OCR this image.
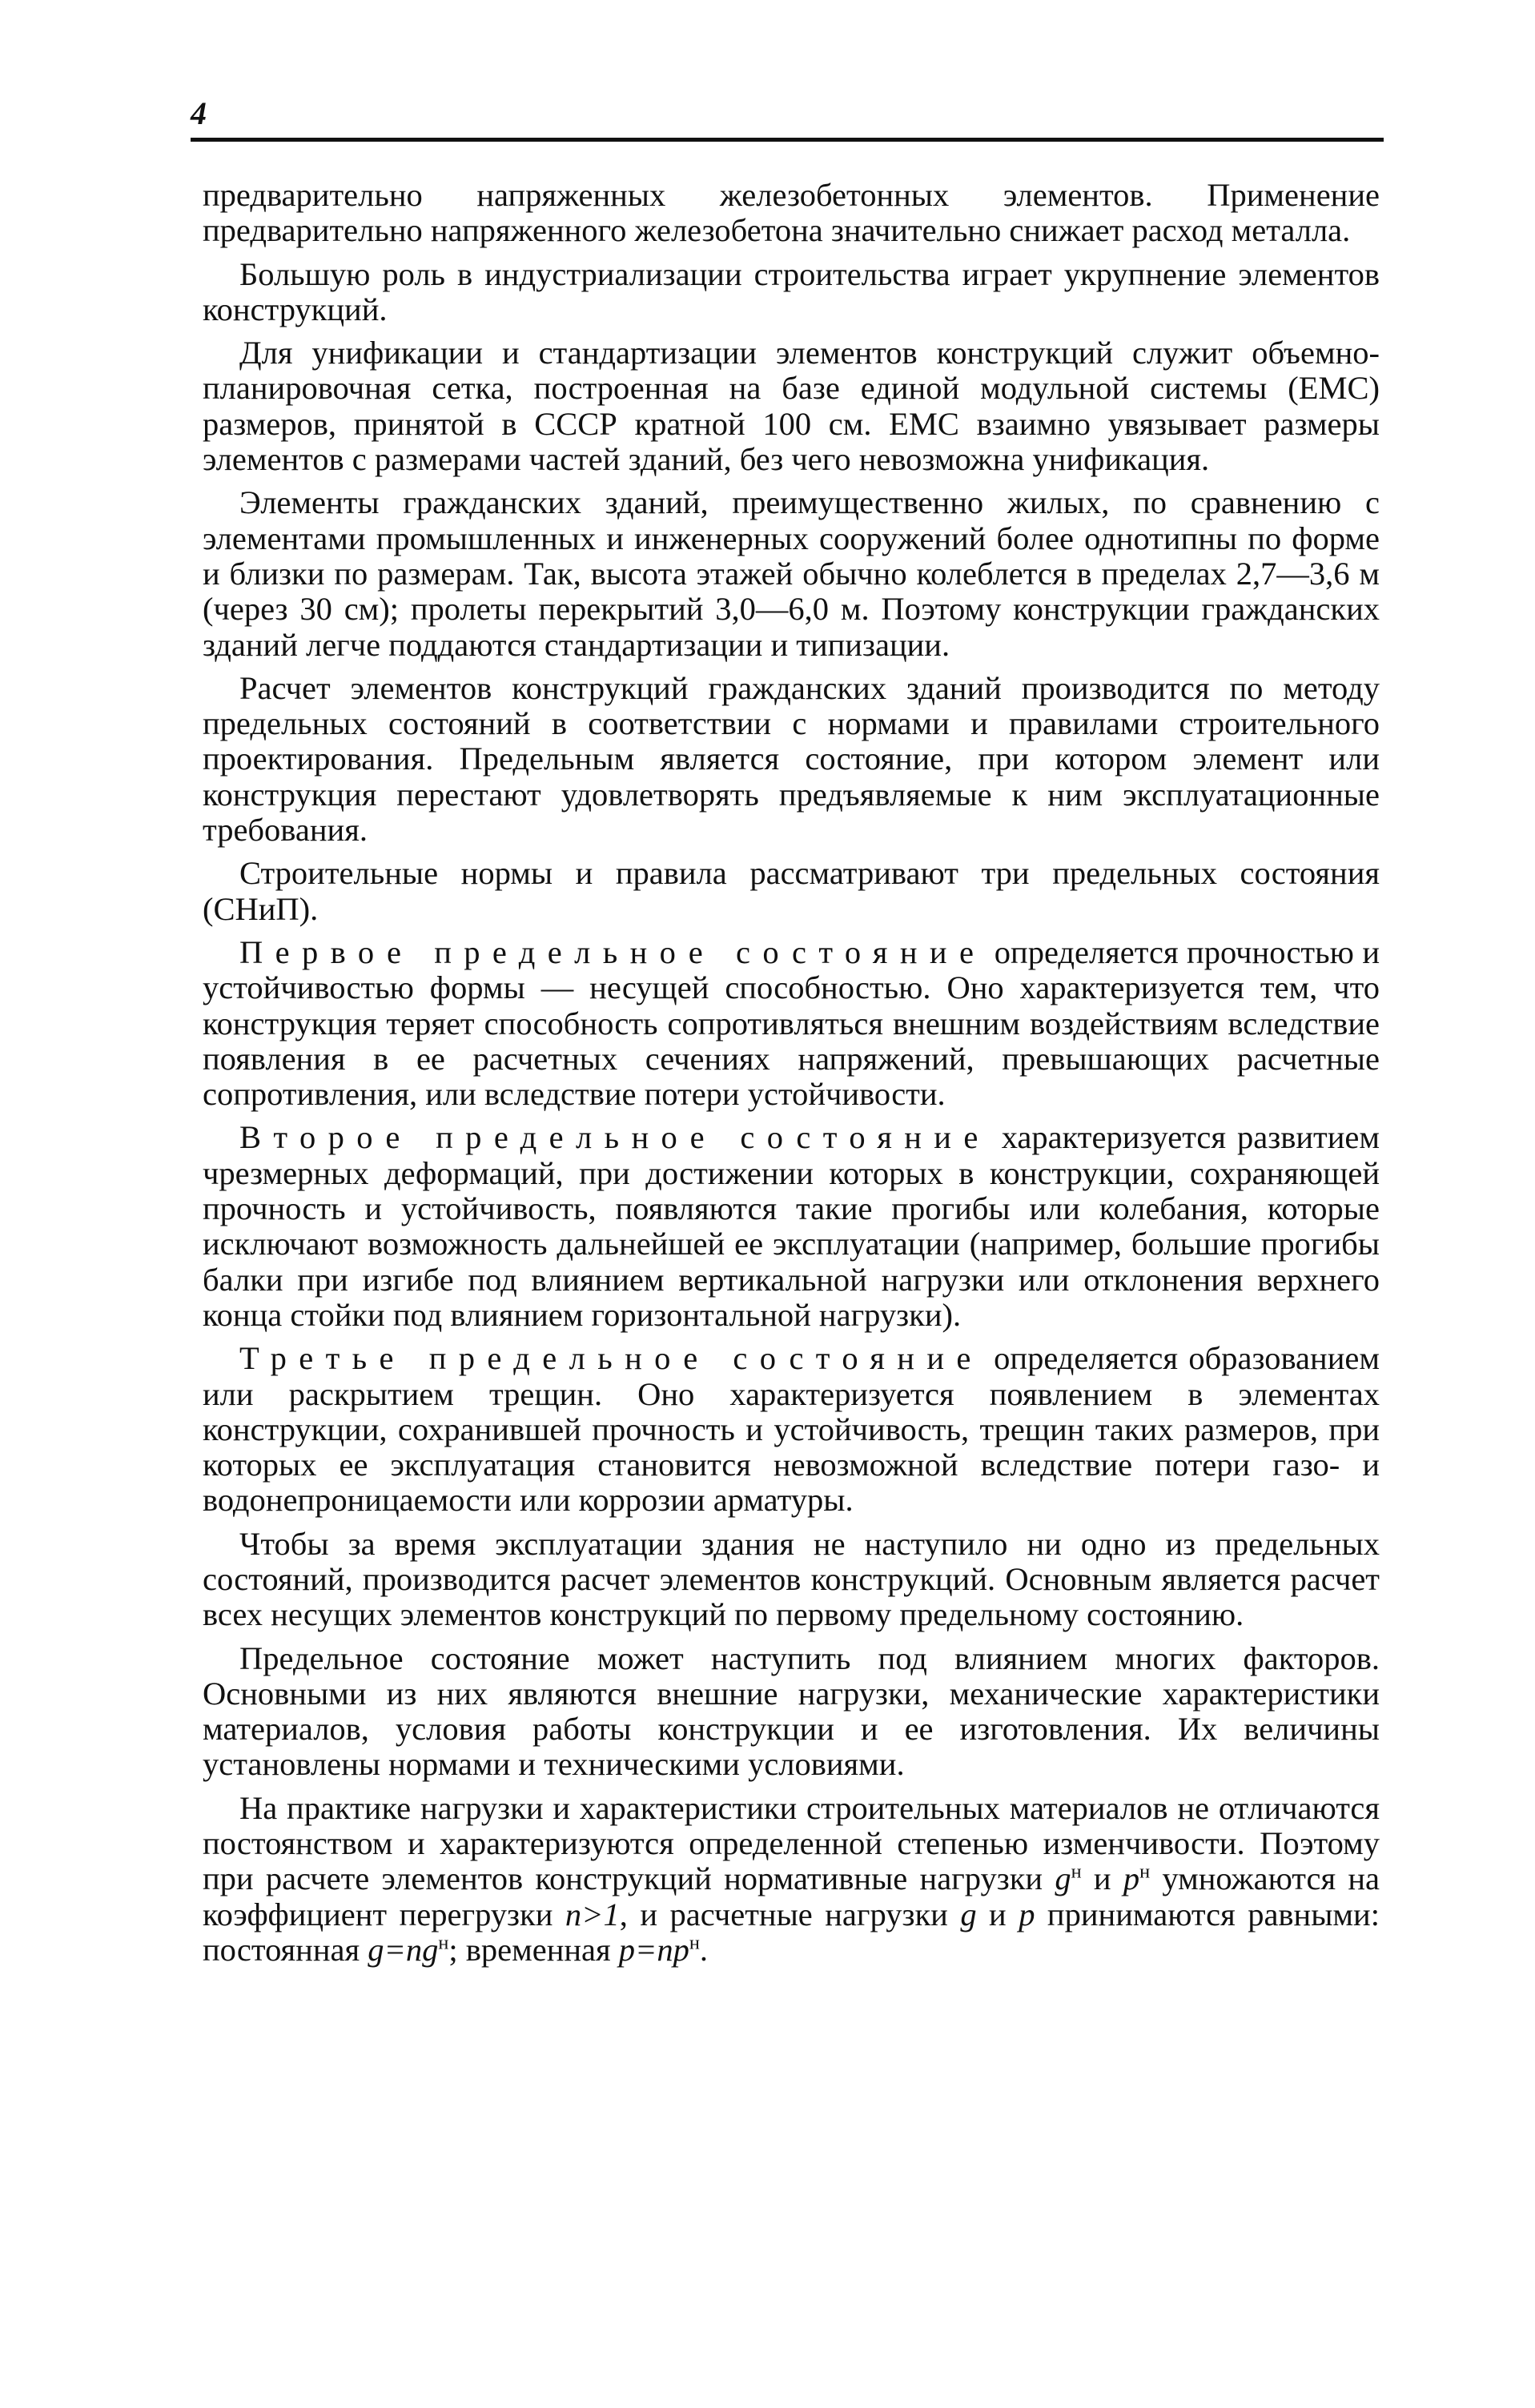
4

предварительно напряженных железобетонных элементов. Применение предварительно напряженного железобетона значительно снижает расход металла.

Большую роль в индустриализации строительства играет укрупнение элементов конструкций.

Для унификации и стандартизации элементов конструкций служит объемно-планировочная сетка, построенная на базе единой модульной системы (ЕМС) размеров, принятой в СССР кратной 100 см. ЕМС взаимно увязывает размеры элементов с размерами частей зданий, без чего невозможна унификация.

Элементы гражданских зданий, преимущественно жилых, по сравнению с элементами промышленных и инженерных сооружений более однотипны по форме и близки по размерам. Так, высота этажей обычно колеблется в пределах 2,7—3,6 м (через 30 см); пролеты перекрытий 3,0—6,0 м. Поэтому конструкции гражданских зданий легче поддаются стандартизации и типизации.

Расчет элементов конструкций гражданских зданий производится по методу предельных состояний в соответствии с нормами и правилами строительного проектирования. Предельным является состояние, при котором элемент или конструкция перестают удовлетворять предъявляемые к ним эксплуатационные требования.

Строительные нормы и правила рассматривают три предельных состояния (СНиП).

Первое предельное состояние определяется прочностью и устойчивостью формы — несущей способностью. Оно характеризуется тем, что конструкция теряет способность сопротивляться внешним воздействиям вследствие появления в ее расчетных сечениях напряжений, превышающих расчетные сопротивления, или вследствие потери устойчивости.

Второе предельное состояние характеризуется развитием чрезмерных деформаций, при достижении которых в конструкции, сохраняющей прочность и устойчивость, появляются такие прогибы или колебания, которые исключают возможность дальнейшей ее эксплуатации (например, большие прогибы балки при изгибе под влиянием вертикальной нагрузки или отклонения верхнего конца стойки под влиянием горизонтальной нагрузки).

Третье предельное состояние определяется образованием или раскрытием трещин. Оно характеризуется появлением в элементах конструкции, сохранившей прочность и устойчивость, трещин таких размеров, при которых ее эксплуатация становится невозможной вследствие потери газо- и водонепроницаемости или коррозии арматуры.

Чтобы за время эксплуатации здания не наступило ни одно из предельных состояний, производится расчет элементов конструкций. Основным является расчет всех несущих элементов конструкций по первому предельному состоянию.

Предельное состояние может наступить под влиянием многих факторов. Основными из них являются внешние нагрузки, механические характеристики материалов, условия работы конструкции и ее изготовления. Их величины установлены нормами и техническими условиями.

На практике нагрузки и характеристики строительных материалов не отличаются постоянством и характеризуются определенной степенью изменчивости. Поэтому при расчете элементов конструкций нормативные нагрузки $g^н$ и $p^н$ умножаются на коэффициент перегрузки n>1, и расчетные нагрузки g и p принимаются равными: постоянная $g=ng^н$; временная $p=np^н$.
